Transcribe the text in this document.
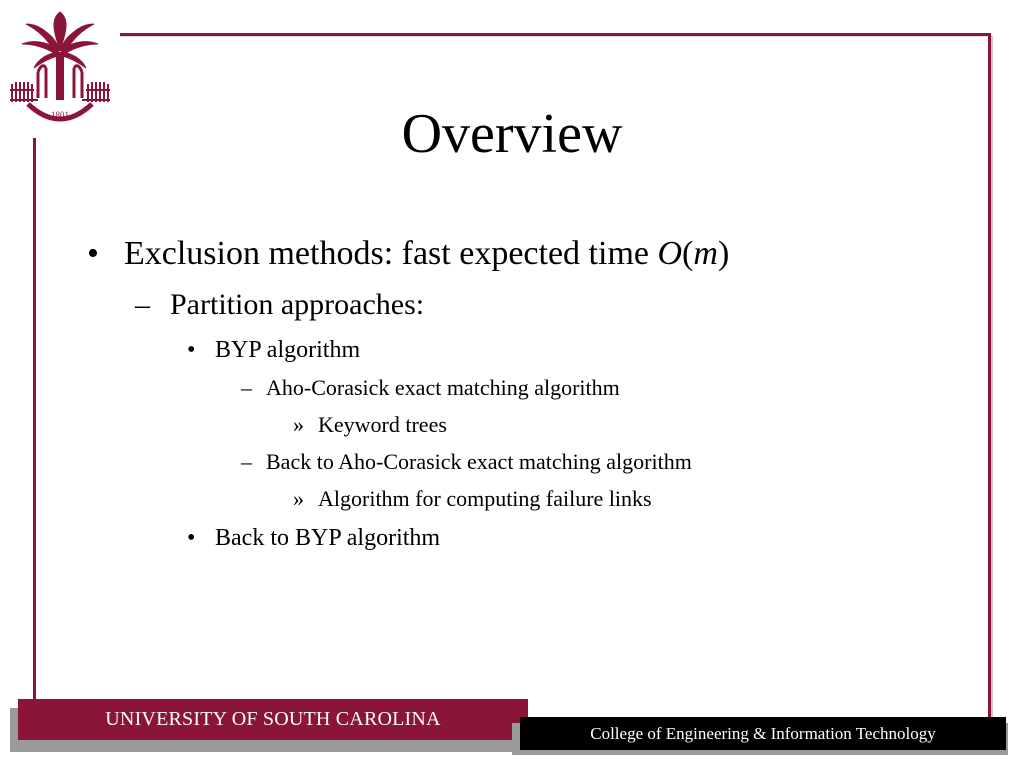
1801	Overview
• Exclusion methods: fast expected time O(m)
– Partition approaches:
• BYP algorithm
– Aho-Corasick exact matching algorithm
» Keyword trees
– Back to Aho-Corasick exact matching algorithm
» Algorithm for computing failure links
• Back to BYP algorithm
UNIVERSITY OF SOUTH CAROLINA
College of Engineering & Information Technology
